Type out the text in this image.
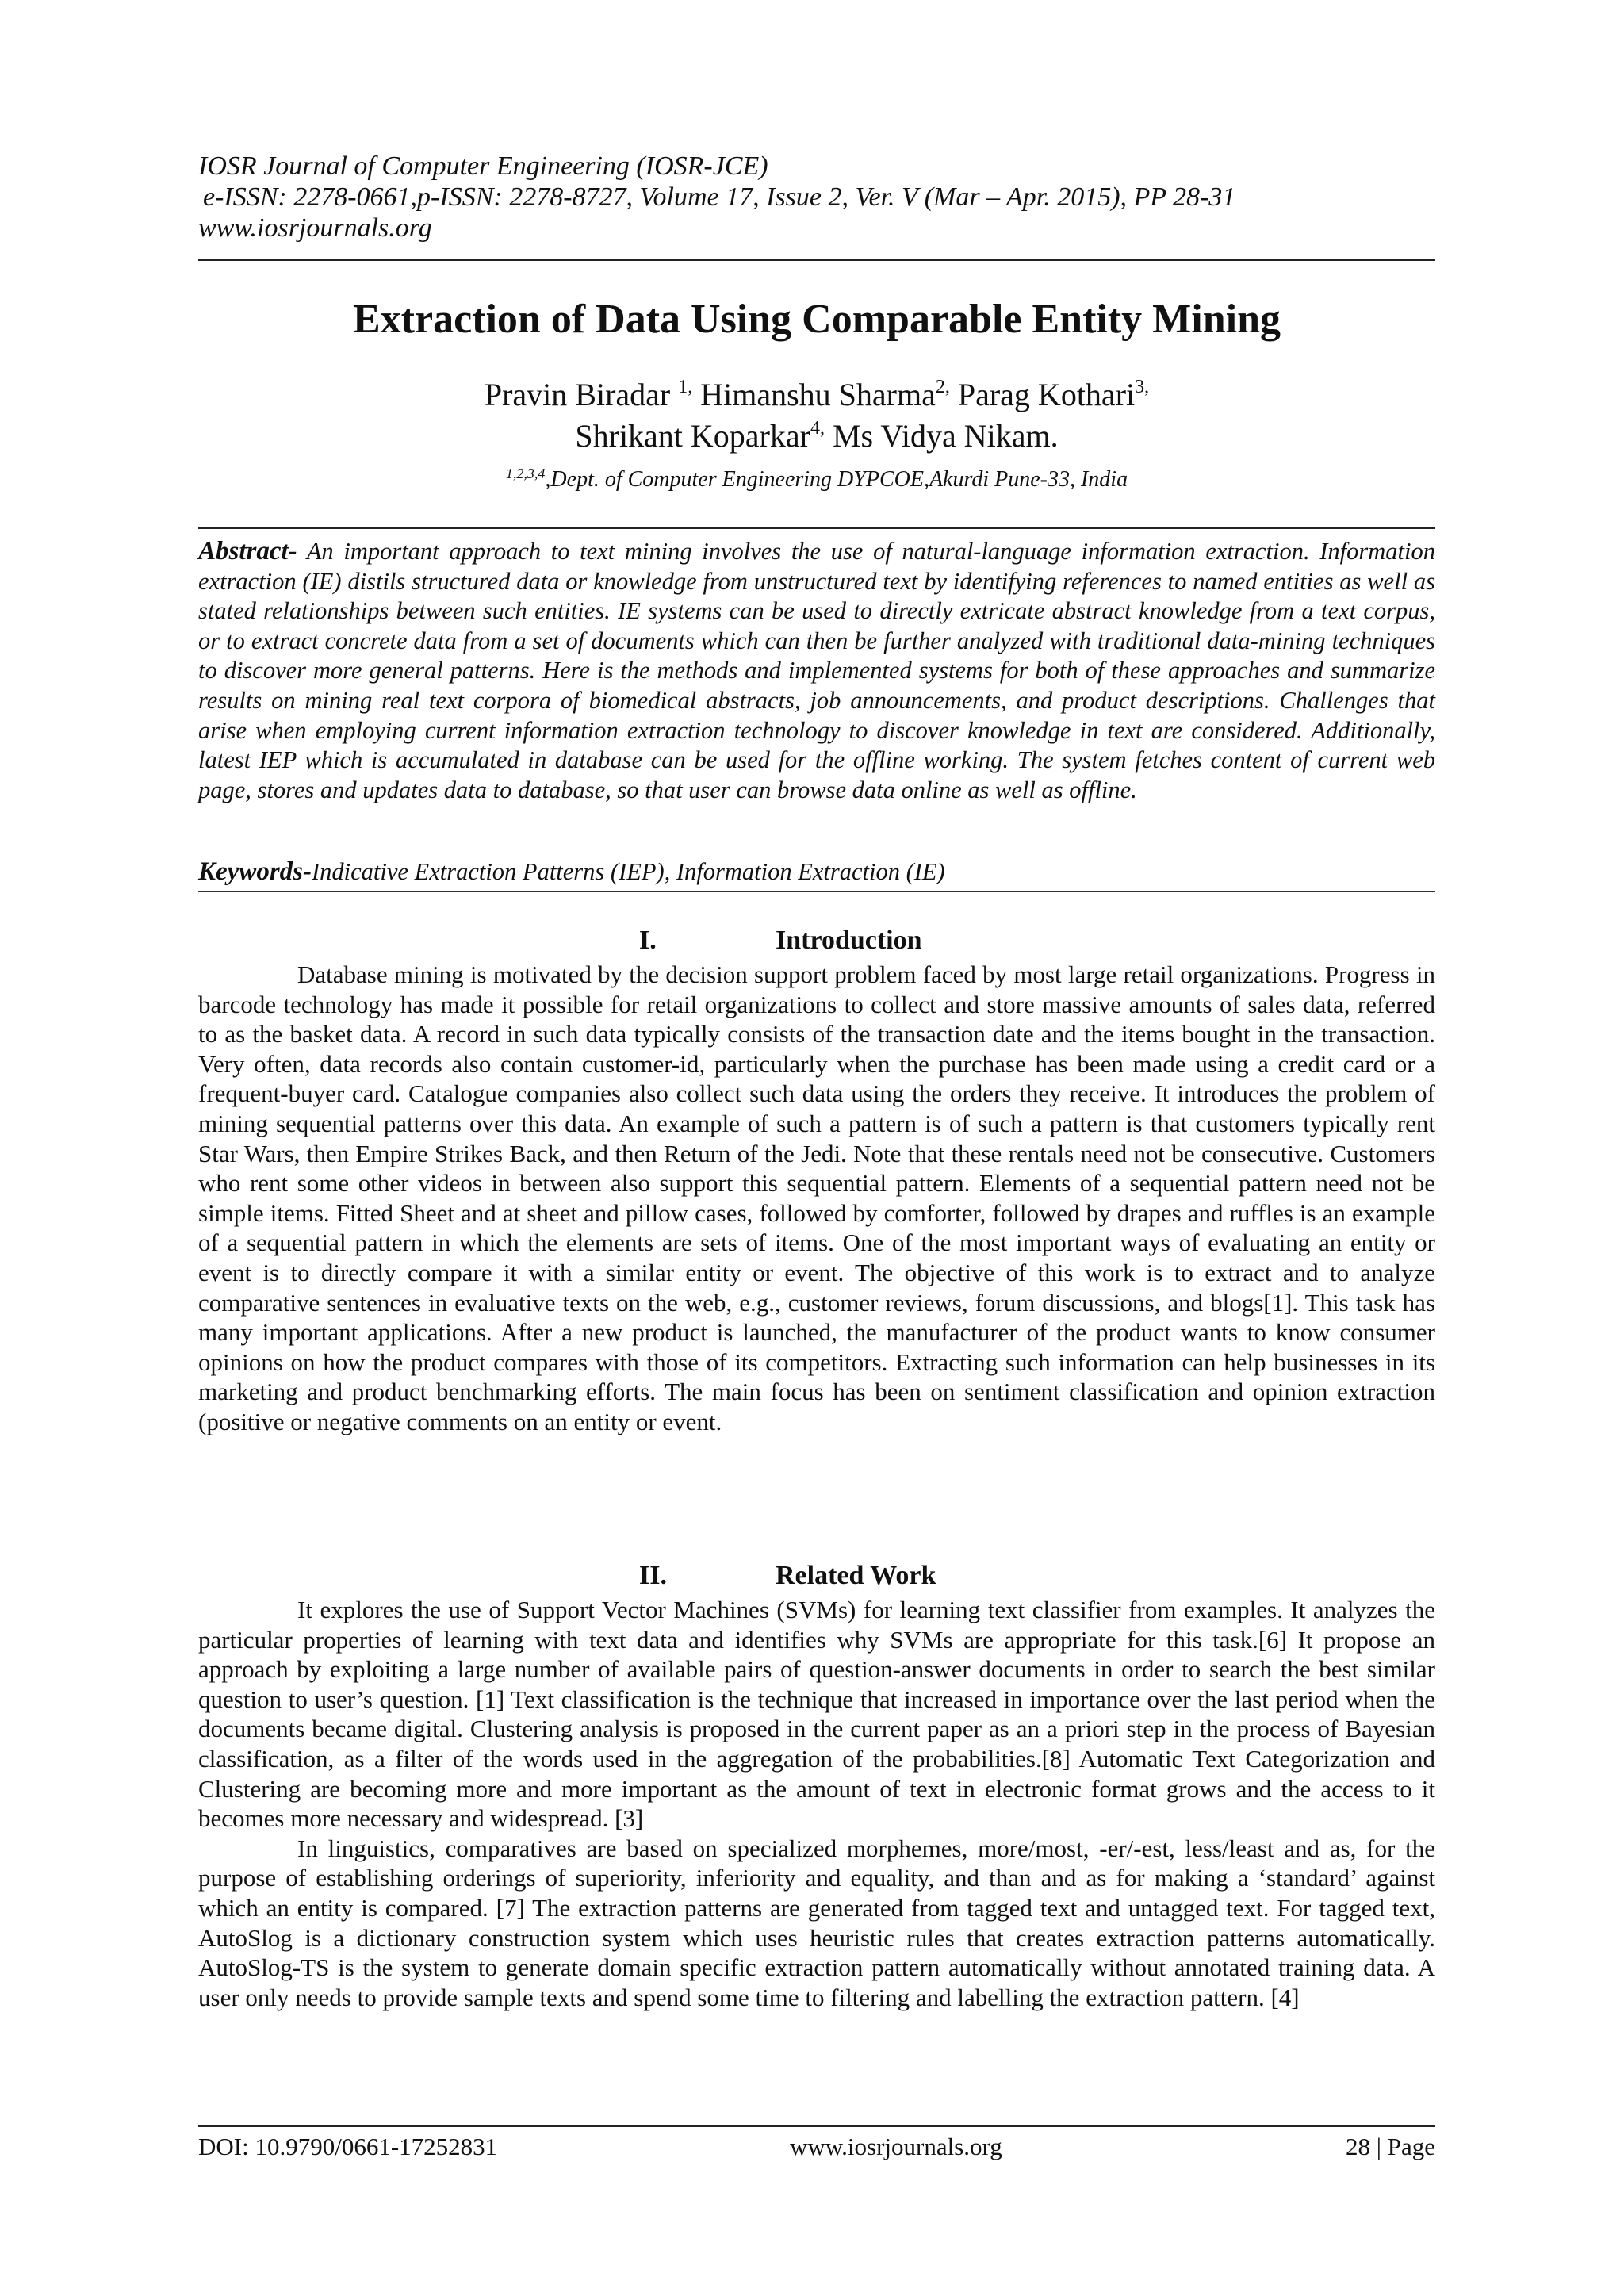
IOSR Journal of Computer Engineering (IOSR-JCE)
e-ISSN: 2278-0661,p-ISSN: 2278-8727, Volume 17, Issue 2, Ver. V (Mar – Apr. 2015), PP 28-31
www.iosrjournals.org
Extraction of Data Using Comparable Entity Mining
Pravin Biradar $^{1,}$ Himanshu Sharma$^{2,}$ Parag Kothari$^{3,}$
Shrikant Koparkar$^{4,}$ Ms Vidya Nikam.
$^{1,2,3,4}$,Dept. of Computer Engineering DYPCOE,Akurdi Pune-33, India
Abstract- An important approach to text mining involves the use of natural-language information extraction. Information extraction (IE) distils structured data or knowledge from unstructured text by identifying references to named entities as well as stated relationships between such entities. IE systems can be used to directly extricate abstract knowledge from a text corpus, or to extract concrete data from a set of documents which can then be further analyzed with traditional data-mining techniques to discover more general patterns. Here is the methods and implemented systems for both of these approaches and summarize results on mining real text corpora of biomedical abstracts, job announcements, and product descriptions. Challenges that arise when employing current information extraction technology to discover knowledge in text are considered. Additionally, latest IEP which is accumulated in database can be used for the offline working. The system fetches content of current web page, stores and updates data to database, so that user can browse data online as well as offline.
Keywords-Indicative Extraction Patterns (IEP), Information Extraction (IE)
I.	Introduction

Database mining is motivated by the decision support problem faced by most large retail organizations. Progress in barcode technology has made it possible for retail organizations to collect and store massive amounts of sales data, referred to as the basket data. A record in such data typically consists of the transaction date and the items bought in the transaction. Very often, data records also contain customer-id, particularly when the purchase has been made using a credit card or a frequent-buyer card. Catalogue companies also collect such data using the orders they receive. It introduces the problem of mining sequential patterns over this data. An example of such a pattern is of such a pattern is that customers typically rent Star Wars, then Empire Strikes Back, and then Return of the Jedi. Note that these rentals need not be consecutive. Customers who rent some other videos in between also support this sequential pattern. Elements of a sequential pattern need not be simple items. Fitted Sheet and at sheet and pillow cases, followed by comforter, followed by drapes and ruffles is an example of a sequential pattern in which the elements are sets of items. One of the most important ways of evaluating an entity or event is to directly compare it with a similar entity or event. The objective of this work is to extract and to analyze comparative sentences in evaluative texts on the web, e.g., customer reviews, forum discussions, and blogs[1]. This task has many important applications. After a new product is launched, the manufacturer of the product wants to know consumer opinions on how the product compares with those of its competitors. Extracting such information can help businesses in its marketing and product benchmarking efforts. The main focus has been on sentiment classification and opinion extraction (positive or negative comments on an entity or event.

II.	Related Work

It explores the use of Support Vector Machines (SVMs) for learning text classifier from examples. It analyzes the particular properties of learning with text data and identifies why SVMs are appropriate for this task.[6] It propose an approach by exploiting a large number of available pairs of question-answer documents in order to search the best similar question to user’s question. [1] Text classification is the technique that increased in importance over the last period when the documents became digital. Clustering analysis is proposed in the current paper as an a priori step in the process of Bayesian classification, as a filter of the words used in the aggregation of the probabilities.[8] Automatic Text Categorization and Clustering are becoming more and more important as the amount of text in electronic format grows and the access to it becomes more necessary and widespread. [3]

In linguistics, comparatives are based on specialized morphemes, more/most, -er/-est, less/least and as, for the purpose of establishing orderings of superiority, inferiority and equality, and than and as for making a ‘standard’ against which an entity is compared. [7] The extraction patterns are generated from tagged text and untagged text. For tagged text, AutoSlog is a dictionary construction system which uses heuristic rules that creates extraction patterns automatically. AutoSlog-TS is the system to generate domain specific extraction pattern automatically without annotated training data. A user only needs to provide sample texts and spend some time to filtering and labelling the extraction pattern. [4]

DOI: 10.9790/0661-17252831	www.iosrjournals.org	28 | Page
